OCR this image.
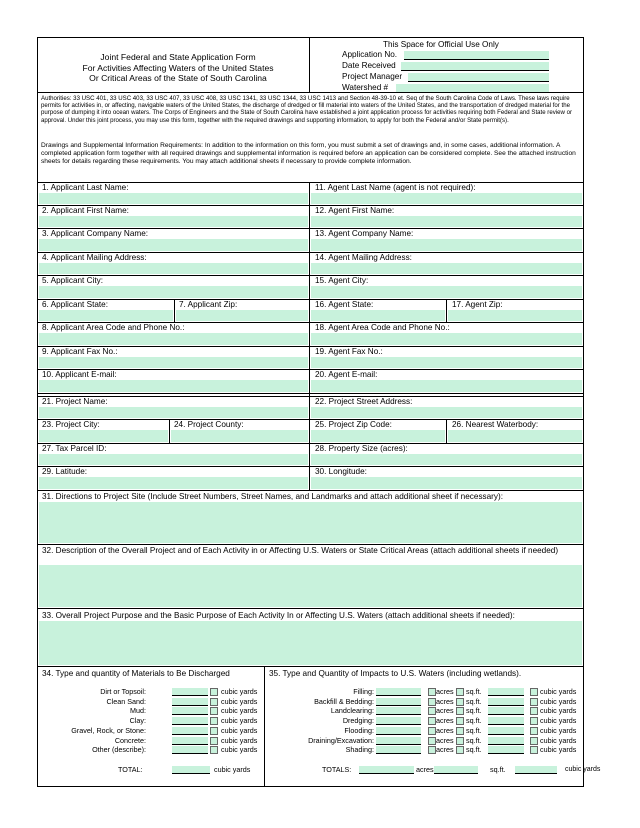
Joint Federal and State Application Form
For Activities Affecting Waters of the United States
Or Critical Areas of the State of South Carolina
This Space for Official Use Only
Application No.
Date Received
Project Manager
Watershed #
Authorities: 33 USC 401, 33 USC 403, 33 USC 407, 33 USC 408, 33 USC 1341, 33 USC 1344, 33 USC 1413 and Section 48-39-10 et. Seq of the South Carolina Code of Laws. These laws require permits for activities in, or affecting, navigable waters of the United States, the discharge of dredged or fill material into waters of the United States, and the transportation of dredged material for the purpose of dumping it into ocean waters. The Corps of Engineers and the State of South Carolina have established a joint application process for activities requiring both Federal and State review or approval. Under this joint process, you may use this form, together with the required drawings and supporting information, to apply for both the Federal and/or State permit(s).
Drawings and Supplemental Information Requirements: In addition to the information on this form, you must submit a set of drawings and, in some cases, additional information. A completed application form together with all required drawings and supplemental information is required before an application can be considered complete. See the attached instruction sheets for details regarding these requirements. You may attach additional sheets if necessary to provide complete information.
1. Applicant Last Name:	11. Agent Last Name (agent is not required):
2. Applicant First Name:	12. Agent First Name:
3. Applicant Company Name:	13. Agent Company Name:
4. Applicant Mailing Address:	14. Agent Mailing Address:
5. Applicant City:	15. Agent City:
6. Applicant State:	7. Applicant Zip:	16. Agent State:	17. Agent Zip:
8. Applicant Area Code and Phone No.:	18. Agent Area Code and Phone No.:
9. Applicant Fax No.:	19. Agent Fax No.:
10. Applicant E-mail:	20. Agent E-mail:
21. Project Name:	22. Project Street Address:
23. Project City:	24. Project County:	25. Project Zip Code:	26. Nearest Waterbody:
27. Tax Parcel ID:	28. Property Size (acres):
29. Latitude:	30. Longitude:
31. Directions to Project Site (Include Street Numbers, Street Names, and Landmarks and attach additional sheet if necessary):
32. Description of the Overall Project and of Each Activity in or Affecting U.S. Waters or State Critical Areas (attach additional sheets if needed)
33. Overall Project Purpose and the Basic Purpose of Each Activity In or Affecting U.S. Waters (attach additional sheets if needed):
34. Type and quantity of Materials to Be Discharged	35. Type and Quantity of Impacts to U.S. Waters (including wetlands).
Dirt or Topsoil:	cubic yards
Clean Sand:	cubic yards
Mud:	cubic yards
Clay:	cubic yards
Gravel, Rock, or Stone:	cubic yards
Concrete:	cubic yards
Other (describe):	cubic yards
Filling:	acres sq.ft.	cubic yards
Backfill & Bedding:	acres sq.ft.	cubic yards
Landclearing:	acres sq.ft.	cubic yards
Dredging:	acres sq.ft.	cubic yards
Flooding:	acres sq.ft.	cubic yards
Draining/Excavation:	acres sq.ft.	cubic yards
Shading:	acres sq.ft.	cubic yards
TOTAL:	cubic yards	TOTALS:	acres	sq.ft.	cubic yards
